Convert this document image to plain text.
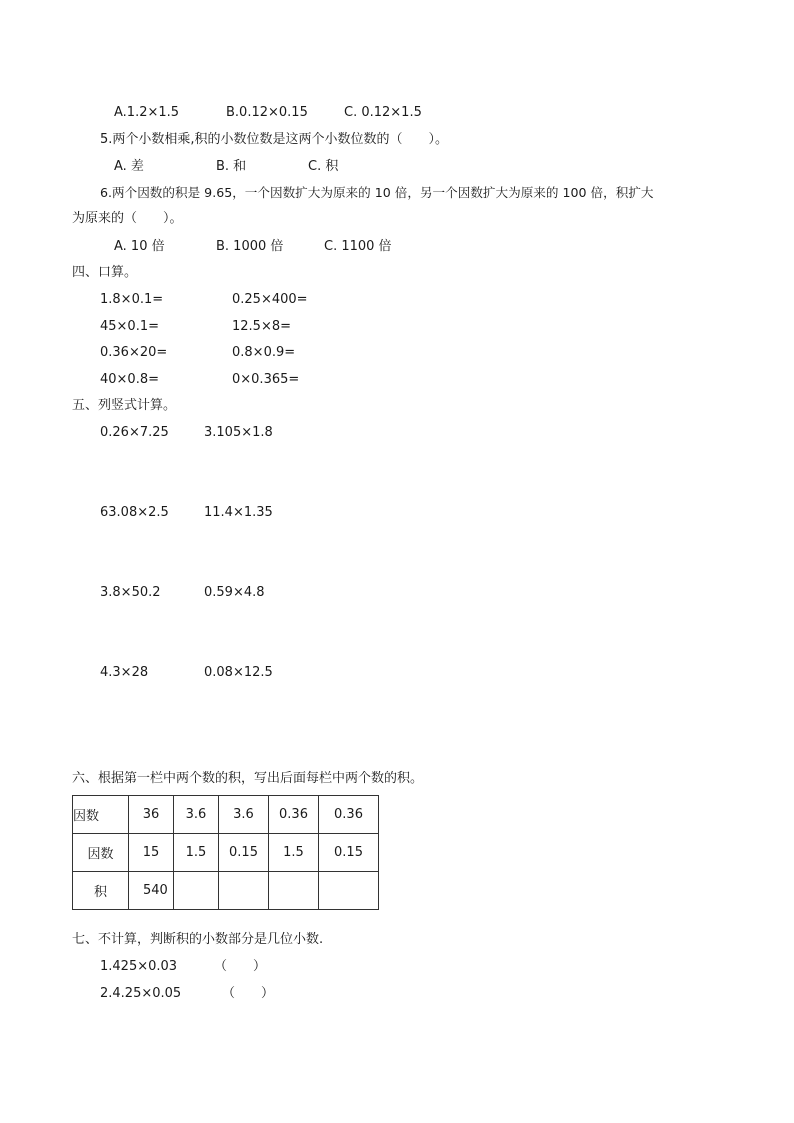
A.1.2×1.5	B.0.12×0.15	C. 0.12×1.5
5.两个小数相乘,积的小数位数是这两个小数位数的（　　）。
A. 差	B. 和	C. 积
6.两个因数的积是 9.65，一个因数扩大为原来的 10 倍，另一个因数扩大为原来的 100 倍，积扩大
为原来的（　　）。
A. 10 倍	B. 1000 倍	C. 1100 倍
四、口算。
1.8×0.1=	0.25×400=
45×0.1=	12.5×8=
0.36×20=	0.8×0.9=
40×0.8=	0×0.365=
五、列竖式计算。
0.26×7.25	3.105×1.8
63.08×2.5	11.4×1.35
3.8×50.2	0.59×4.8
4.3×28	0.08×12.5
六、根据第一栏中两个数的积，写出后面每栏中两个数的积。
因数	36	3.6	3.6	0.36	0.36
因数	15	1.5	0.15	1.5	0.15
积	540				
七、不计算，判断积的小数部分是几位小数.
1.425×0.03	（　　）
2.4.25×0.05	（　　）
